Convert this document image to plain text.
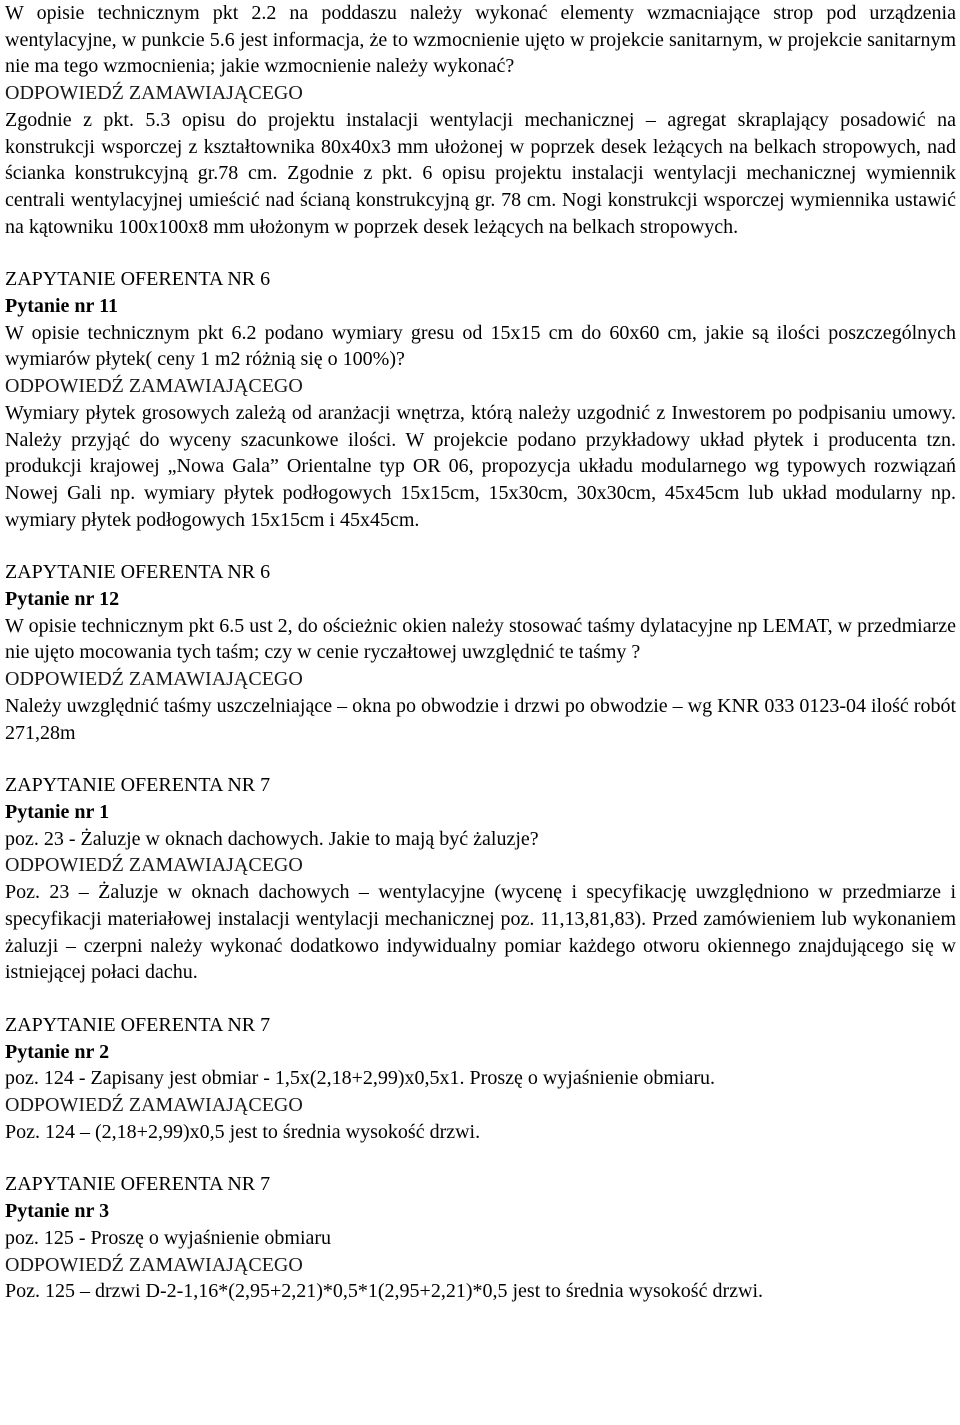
W opisie technicznym pkt 2.2 na poddaszu należy wykonać elementy wzmacniające strop pod urządzenia wentylacyjne, w punkcie 5.6 jest informacja, że to wzmocnienie ujęto w projekcie sanitarnym, w projekcie sanitarnym nie ma tego wzmocnienia; jakie wzmocnienie należy wykonać?

ODPOWIEDŹ ZAMAWIAJĄCEGO

Zgodnie z pkt. 5.3 opisu do projektu instalacji wentylacji mechanicznej – agregat skraplający posadowić na konstrukcji wsporczej z kształtownika 80x40x3 mm ułożonej w poprzek desek leżących na belkach stropowych, nad ścianka konstrukcyjną gr.78 cm. Zgodnie z pkt. 6 opisu projektu instalacji wentylacji mechanicznej wymiennik centrali wentylacyjnej umieścić nad ścianą konstrukcyjną gr. 78 cm. Nogi konstrukcji wsporczej wymiennika ustawić na kątowniku 100x100x8 mm ułożonym w poprzek desek leżących na belkach stropowych.

ZAPYTANIE OFERENTA NR 6

Pytanie nr 11

W opisie technicznym pkt 6.2 podano wymiary gresu od 15x15 cm do 60x60 cm, jakie są ilości poszczególnych wymiarów płytek( ceny 1 m2 różnią się o 100%)?

ODPOWIEDŹ ZAMAWIAJĄCEGO

Wymiary płytek grosowych zależą od aranżacji wnętrza, którą należy uzgodnić z Inwestorem po podpisaniu umowy. Należy przyjąć do wyceny szacunkowe ilości. W projekcie podano przykładowy układ płytek i producenta tzn. produkcji krajowej „Nowa Gala” Orientalne typ OR 06, propozycja układu modularnego wg typowych rozwiązań Nowej Gali np. wymiary płytek podłogowych 15x15cm, 15x30cm, 30x30cm, 45x45cm lub układ modularny np. wymiary płytek podłogowych 15x15cm i 45x45cm.

ZAPYTANIE OFERENTA NR 6

Pytanie nr 12

W opisie technicznym pkt 6.5 ust 2, do ościeżnic okien należy stosować taśmy dylatacyjne np LEMAT, w przedmiarze nie ujęto mocowania tych taśm; czy w cenie ryczałtowej uwzględnić te taśmy ?

ODPOWIEDŹ ZAMAWIAJĄCEGO

Należy uwzględnić taśmy uszczelniające – okna po obwodzie i drzwi po obwodzie – wg KNR 033 0123-04 ilość robót 271,28m

ZAPYTANIE OFERENTA NR 7

Pytanie nr 1

poz. 23 - Żaluzje w oknach dachowych. Jakie to mają być żaluzje?

ODPOWIEDŹ ZAMAWIAJĄCEGO

Poz. 23 – Żaluzje w oknach dachowych – wentylacyjne (wycenę i specyfikację uwzględniono w przedmiarze i specyfikacji materiałowej instalacji wentylacji mechanicznej poz. 11,13,81,83). Przed zamówieniem lub wykonaniem żaluzji – czerpni należy wykonać dodatkowo indywidualny pomiar każdego otworu okiennego znajdującego się w istniejącej połaci dachu.

ZAPYTANIE OFERENTA NR 7

Pytanie nr 2

poz. 124 - Zapisany jest obmiar - 1,5x(2,18+2,99)x0,5x1. Proszę o wyjaśnienie obmiaru.

ODPOWIEDŹ ZAMAWIAJĄCEGO

Poz. 124 – (2,18+2,99)x0,5 jest to średnia wysokość drzwi.

ZAPYTANIE OFERENTA NR 7

Pytanie nr 3

poz. 125 - Proszę o wyjaśnienie obmiaru

ODPOWIEDŹ ZAMAWIAJĄCEGO

Poz. 125 – drzwi D-2-1,16*(2,95+2,21)*0,5*1(2,95+2,21)*0,5 jest to średnia wysokość drzwi.
